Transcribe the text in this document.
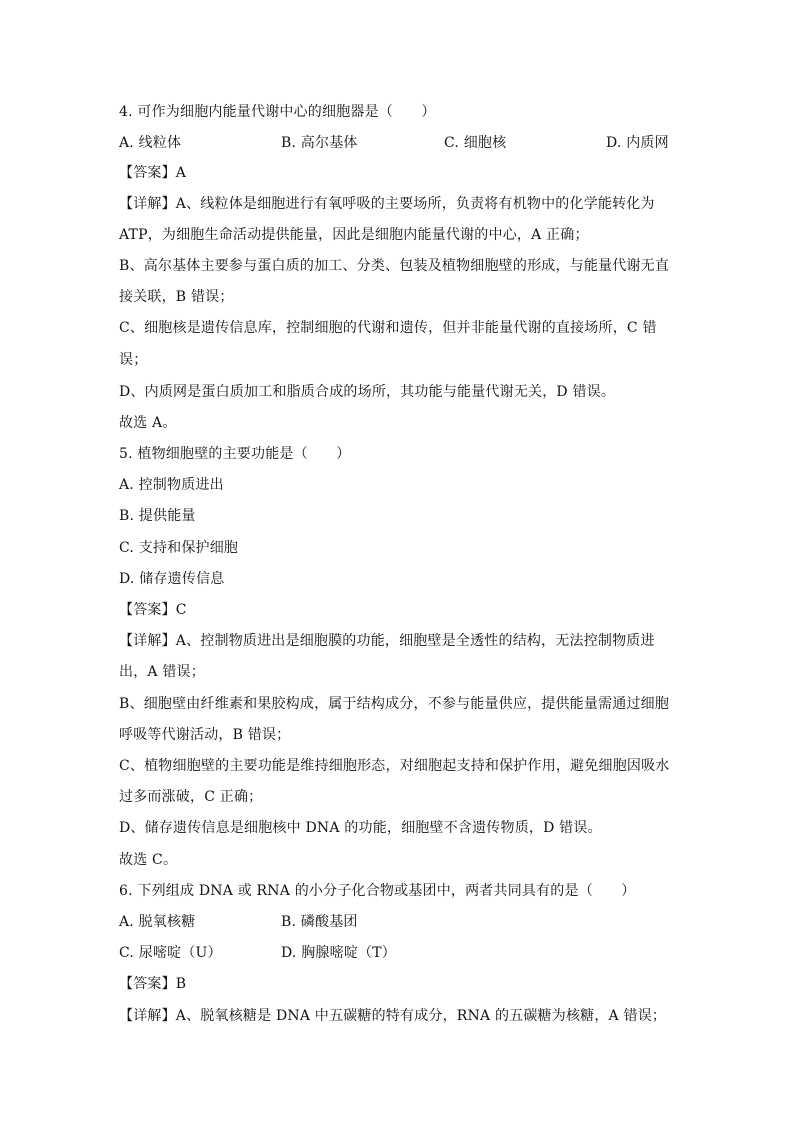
4. 可作为细胞内能量代谢中心的细胞器是（　　）
A. 线粒体	B. 高尔基体	C. 细胞核	D. 内质网
【答案】A
【详解】A、线粒体是细胞进行有氧呼吸的主要场所，负责将有机物中的化学能转化为
ATP，为细胞生命活动提供能量，因此是细胞内能量代谢的中心，A 正确；
B、高尔基体主要参与蛋白质的加工、分类、包装及植物细胞壁的形成，与能量代谢无直
接关联，B 错误；
C、细胞核是遗传信息库，控制细胞的代谢和遗传，但并非能量代谢的直接场所，C 错
误；
D、内质网是蛋白质加工和脂质合成的场所，其功能与能量代谢无关，D 错误。
故选 A。
5. 植物细胞壁的主要功能是（　　）
A. 控制物质进出
B. 提供能量
C. 支持和保护细胞
D. 储存遗传信息
【答案】C
【详解】A、控制物质进出是细胞膜的功能，细胞壁是全透性的结构，无法控制物质进
出，A 错误；
B、细胞壁由纤维素和果胶构成，属于结构成分，不参与能量供应，提供能量需通过细胞
呼吸等代谢活动，B 错误；
C、植物细胞壁的主要功能是维持细胞形态，对细胞起支持和保护作用，避免细胞因吸水
过多而涨破，C 正确；
D、储存遗传信息是细胞核中 DNA 的功能，细胞壁不含遗传物质，D 错误。
故选 C。
6. 下列组成 DNA 或 RNA 的小分子化合物或基团中，两者共同具有的是（　　）
A. 脱氧核糖	B. 磷酸基团
C. 尿嘧啶（U）	D. 胸腺嘧啶（T）
【答案】B
【详解】A、脱氧核糖是 DNA 中五碳糖的特有成分，RNA 的五碳糖为核糖，A 错误；
